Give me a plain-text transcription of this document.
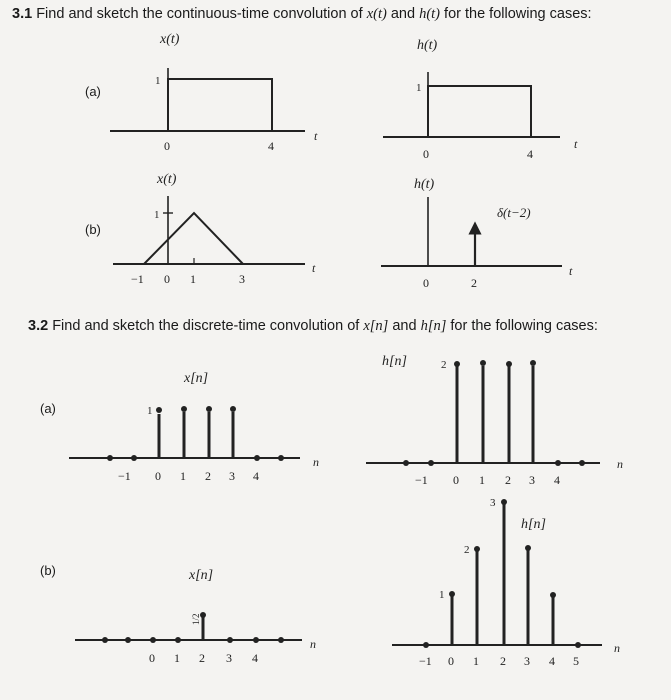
3.1 Find and sketch the continuous-time convolution of x(t) and h(t) for the following cases:
(a)
(b)
3.2 Find and sketch the discrete-time convolution of x[n] and h[n] for the following cases:
(a)
(b)
x(t)
1
0	4
t
h(t)
1
0	4
t
x(t)
1
−1 0 1	3
t
h(t)
δ(t−2)
0	2
t
x[n]
1
−1 0 1 2 3 4
n
h[n]	2
−1 0 1 2 3 4
n
x[n]
1/2
0 1 2 3 4
n
h[n]
1
2
3
−1 0 1 2 3 4 5
n
